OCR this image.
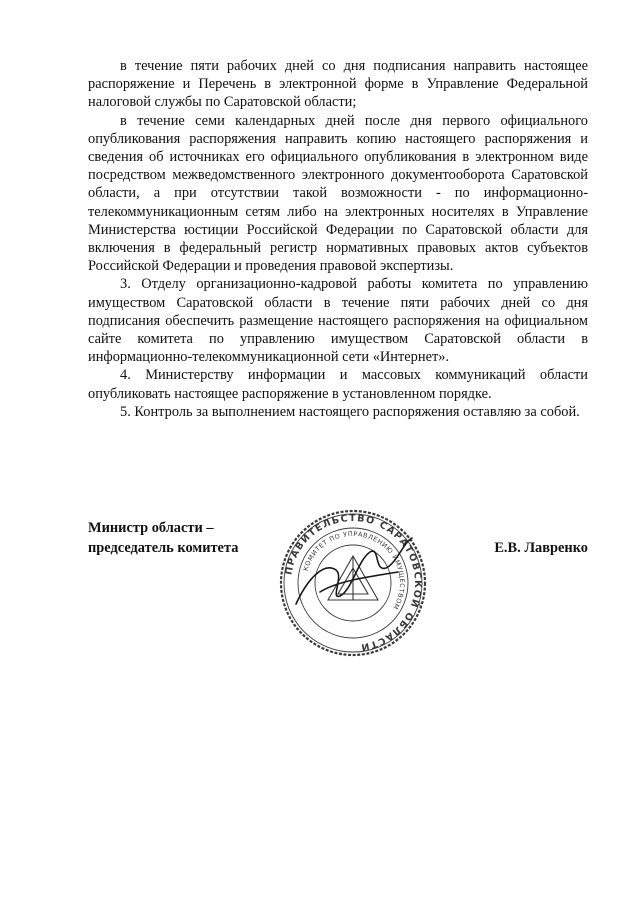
в течение пяти рабочих дней со дня подписания направить настоящее распоряжение и Перечень в электронной форме в Управление Федеральной налоговой службы по Саратовской области;

в течение семи календарных дней после дня первого официального опубликования распоряжения направить копию настоящего распоряжения и сведения об источниках его официального опубликования в электронном виде посредством межведомственного электронного документооборота Саратовской области, а при отсутствии такой возможности - по информационно-телекоммуникационным сетям либо на электронных носителях в Управление Министерства юстиции Российской Федерации по Саратовской области для включения в федеральный регистр нормативных правовых актов субъектов Российской Федерации и проведения правовой экспертизы.

3. Отделу организационно-кадровой работы комитета по управлению имуществом Саратовской области в течение пяти рабочих дней со дня подписания обеспечить размещение настоящего распоряжения на официальном сайте комитета по управлению имуществом Саратовской области в информационно-телекоммуникационной сети «Интернет».

4. Министерству информации и массовых коммуникаций области опубликовать настоящее распоряжение в установленном порядке.

5. Контроль за выполнением настоящего распоряжения оставляю за собой.

Министр области –
председатель комитета
ПРАВИТЕЛЬСТВО САРАТОВСКОЙ ОБЛАСТИ
КОМИТЕТ ПО УПРАВЛЕНИЮ ИМУЩЕСТВОМ
Е.В. Лавренко
